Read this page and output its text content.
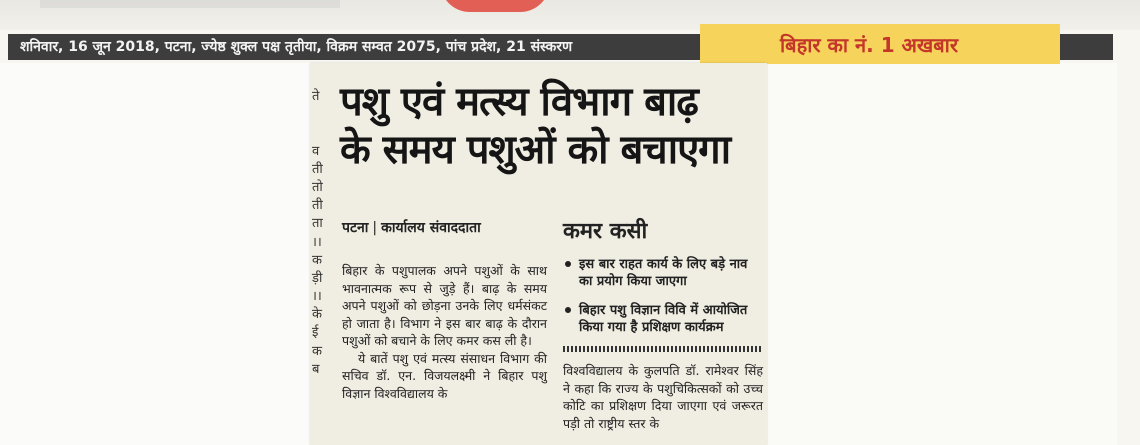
शनिवार, 16 जून 2018, पटना, ज्येष्ठ शुक्ल पक्ष तृतीया, विक्रम सम्वत 2075, पांच प्रदेश, 21 संस्करण	बिहार का नं. 1 अखबार
ते
व
ती
तो
ती
ता
।।
क
ड़ी
।।
के
ई
क
ब
पशु एवं मत्स्य विभाग बाढ़
के समय पशुओं को बचाएगा
पटना | कार्यालय संवाददाता

बिहार के पशुपालक अपने पशुओं के साथ भावनात्मक रूप से जुड़े हैं। बाढ़ के समय अपने पशुओं को छोड़ना उनके लिए धर्मसंकट हो जाता है। विभाग ने इस बार बाढ़ के दौरान पशुओं को बचाने के लिए कमर कस ली है।

ये बातें पशु एवं मत्स्य संसाधन विभाग की सचिव डॉ. एन. विजयलक्ष्मी ने बिहार पशु विज्ञान विश्वविद्यालय के

कमर कसी
इस बार राहत कार्य के लिए बड़े नाव का प्रयोग किया जाएगा
बिहार पशु विज्ञान विवि में आयोजित किया गया है प्रशिक्षण कार्यक्रम

विश्वविद्यालय के कुलपति डॉ. रामेश्वर सिंह ने कहा कि राज्य के पशुचिकित्सकों को उच्च कोटि का प्रशिक्षण दिया जाएगा एवं जरूरत पड़ी तो राष्ट्रीय स्तर के
